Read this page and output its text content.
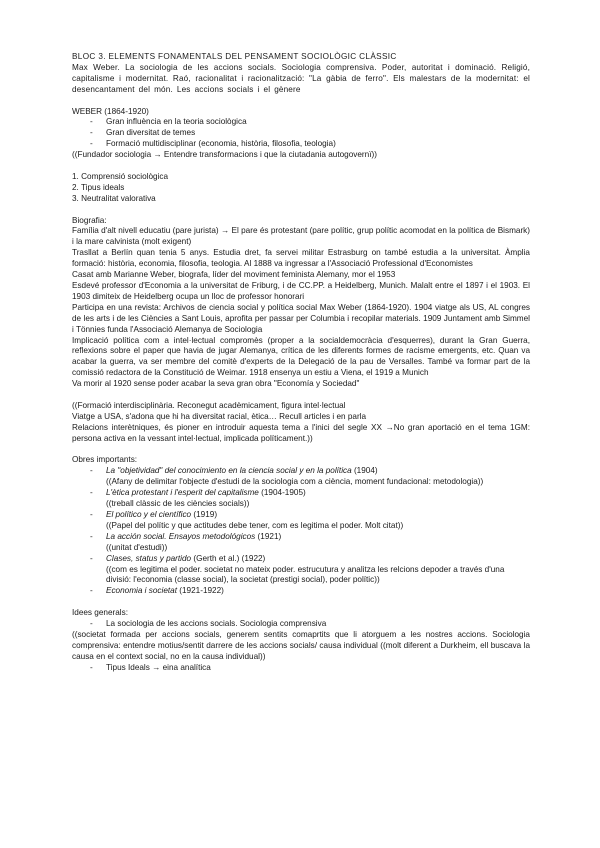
BLOC 3. ELEMENTS FONAMENTALS DEL PENSAMENT SOCIOLÒGIC CLÀSSIC

Max Weber. La sociologia de les accions socials. Sociologia comprensiva. Poder, autoritat i dominació. Religió, capitalisme i modernitat. Raó, racionalitat i racionalització: "La gàbia de ferro". Els malestars de la modernitat: el desencantament del món. Les accions socials i el gènere

WEBER (1864-1920)

- Gran influència en la teoria sociològica

- Gran diversitat de temes

- Formació multidisciplinar (economia, història, filosofia, teologia)

((Fundador sociologia → Entendre transformacions i que la ciutadania autogovernï))

1. Comprensió sociològica

2. Tipus ideals

3. Neutralitat valorativa

Biografia:

Família d'alt nivell educatiu (pare jurista) → El pare és protestant (pare polític, grup polític acomodat en la política de Bismark) i la mare calvinista (molt exigent)

Trasllat a Berlín quan tenia 5 anys. Estudia dret, fa servei militar Estrasburg on també estudia a la universitat. Àmplia formació: història, economia, filosofia, teologia. Al 1888 va ingressar a l'Associació Professional d'Economistes

Casat amb Marianne Weber, biografa, líder del moviment feminista Alemany, mor el 1953

Esdevé professor d'Economia a la universitat de Friburg, i de CC.PP. a Heidelberg, Munich. Malalt entre el 1897 i el 1903. El 1903 dimiteix de Heidelberg ocupa un lloc de professor honorari

Participa en una revista: Archivos de ciencia social y política social Max Weber (1864-1920). 1904 viatge als US, AL congres de les arts i de les Ciències a Sant Louis, aprofita per passar per Columbia i recopilar materials. 1909 Juntament amb Simmel i Tönnies funda l'Associació Alemanya de Sociologia

Implicació política com a intel·lectual compromès (proper a la socialdemocràcia d'esquerres), durant la Gran Guerra, reflexions sobre el paper que havia de jugar Alemanya, crítica de les diferents formes de racisme emergents, etc. Quan va acabar la guerra, va ser membre del comitè d'experts de la Delegació de la pau de Versalles. També va formar part de la comissió redactora de la Constitució de Weimar. 1918 ensenya un estiu a Viena, el 1919 a Munich

Va morir al 1920 sense poder acabar la seva gran obra "Economía y Sociedad"

((Formació interdisciplinària. Reconegut acadèmicament, figura intel·lectual

Viatge a USA, s'adona que hi ha diversitat racial, ètica… Recull articles i en parla

Relacions interètniques, és pioner en introduir aquesta tema a l'inici del segle XX →No gran aportació en el tema 1GM: persona activa en la vessant intel·lectual, implicada políticament.))

Obres importants:

- La "objetividad" del conocimiento en la ciencia social y en la política (1904)

((Afany de delimitar l'objecte d'estudi de la sociologia com a ciència, moment fundacional: metodologia))

- L'ètica protestant i l'esperit del capitalisme (1904-1905)

((treball clàssic de les ciències socials))

- El político y el científico (1919)

((Papel del polític y que actitudes debe tener, com es legitima el poder. Molt citat))

- La acción social. Ensayos metodológicos (1921)

((unitat d'estudi))

- Clases, status y partido (Gerth et al.) (1922)

((com es legitima el poder. societat no mateix poder. estrucutura y analitza les relcions depoder a través d'una divisió: l'economia (classe social), la societat (prestigi social), poder polític))

- Economia i societat (1921-1922)

Idees generals:

- La sociologia de les accions socials. Sociologia comprensiva

((societat formada per accions socials, generem sentits comaprtits que li atorguem a les nostres accions. Sociologia comprensiva: entendre motius/sentit darrere de les accions socials/ causa individual ((molt diferent a Durkheim, ell buscava la causa en el context social, no en la causa individual))

- Tipus Ideals → eina analítica
